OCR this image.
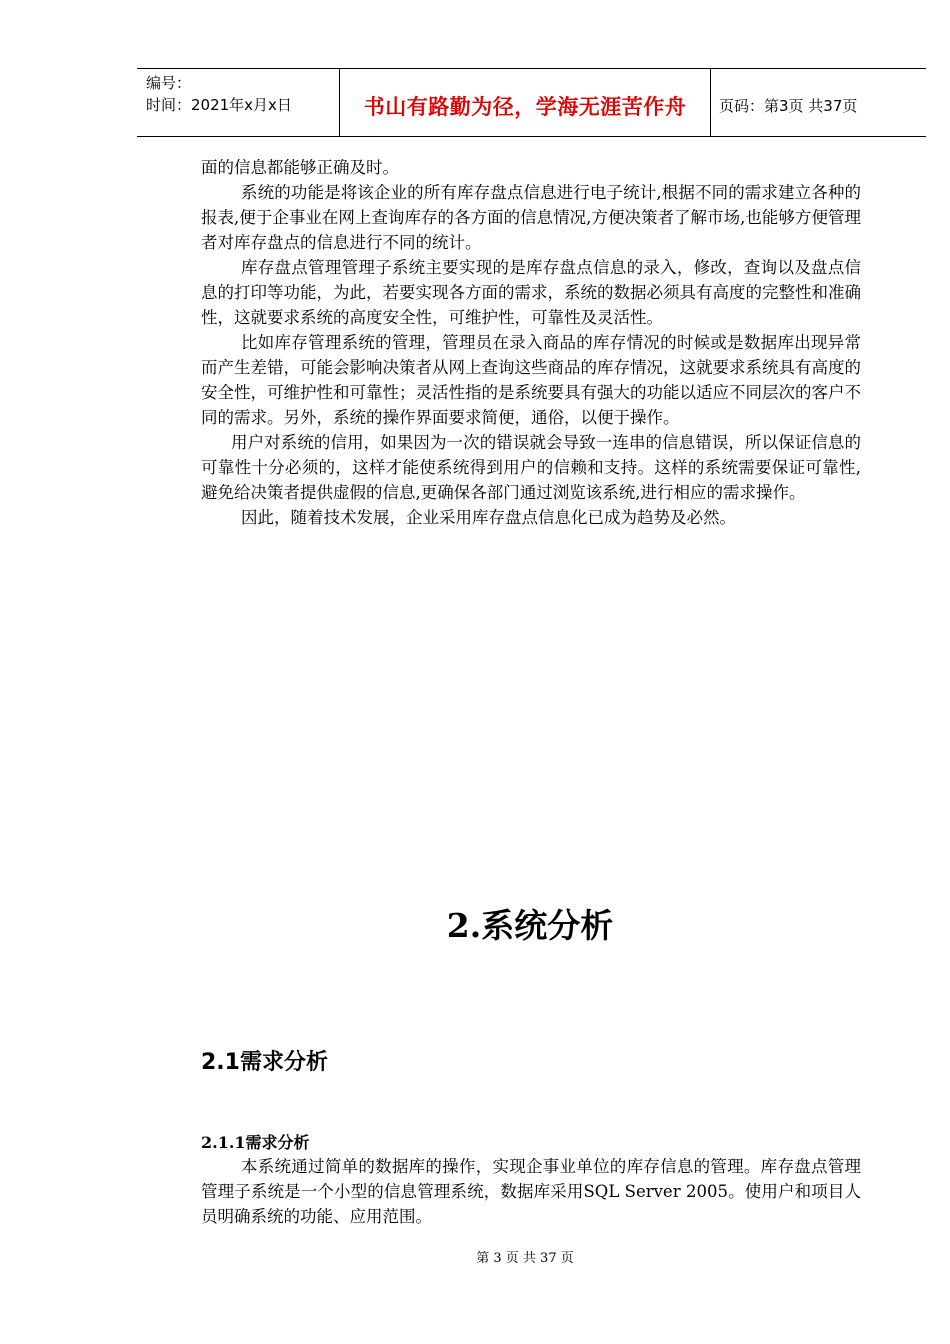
编号：
时间：2021年x月x日	书山有路勤为径，学海无涯苦作舟 页码：第3页 共37页

面的信息都能够正确及时。

系统的功能是将该企业的所有库存盘点信息进行电子统计,根据不同的需求建立各种的报表,便于企事业在网上查询库存的各方面的信息情况,方便决策者了解市场,也能够方便管理者对库存盘点的信息进行不同的统计。

库存盘点管理管理子系统主要实现的是库存盘点信息的录入，修改，查询以及盘点信息的打印等功能，为此，若要实现各方面的需求，系统的数据必须具有高度的完整性和准确性，这就要求系统的高度安全性，可维护性，可靠性及灵活性。

比如库存管理系统的管理，管理员在录入商品的库存情况的时候或是数据库出现异常而产生差错，可能会影响决策者从网上查询这些商品的库存情况，这就要求系统具有高度的安全性，可维护性和可靠性；灵活性指的是系统要具有强大的功能以适应不同层次的客户不同的需求。另外，系统的操作界面要求简便，通俗，以便于操作。

用户对系统的信用，如果因为一次的错误就会导致一连串的信息错误，所以保证信息的可靠性十分必须的，这样才能使系统得到用户的信赖和支持。这样的系统需要保证可靠性,避免给决策者提供虚假的信息,更确保各部门通过浏览该系统,进行相应的需求操作。

因此，随着技术发展，企业采用库存盘点信息化已成为趋势及必然。

2.系统分析
2.1需求分析
2.1.1需求分析

本系统通过简单的数据库的操作，实现企事业单位的库存信息的管理。库存盘点管理管理子系统是一个小型的信息管理系统，数据库采用SQL Server 2005。使用户和项目人员明确系统的功能、应用范围。

第 3 页 共 37 页
